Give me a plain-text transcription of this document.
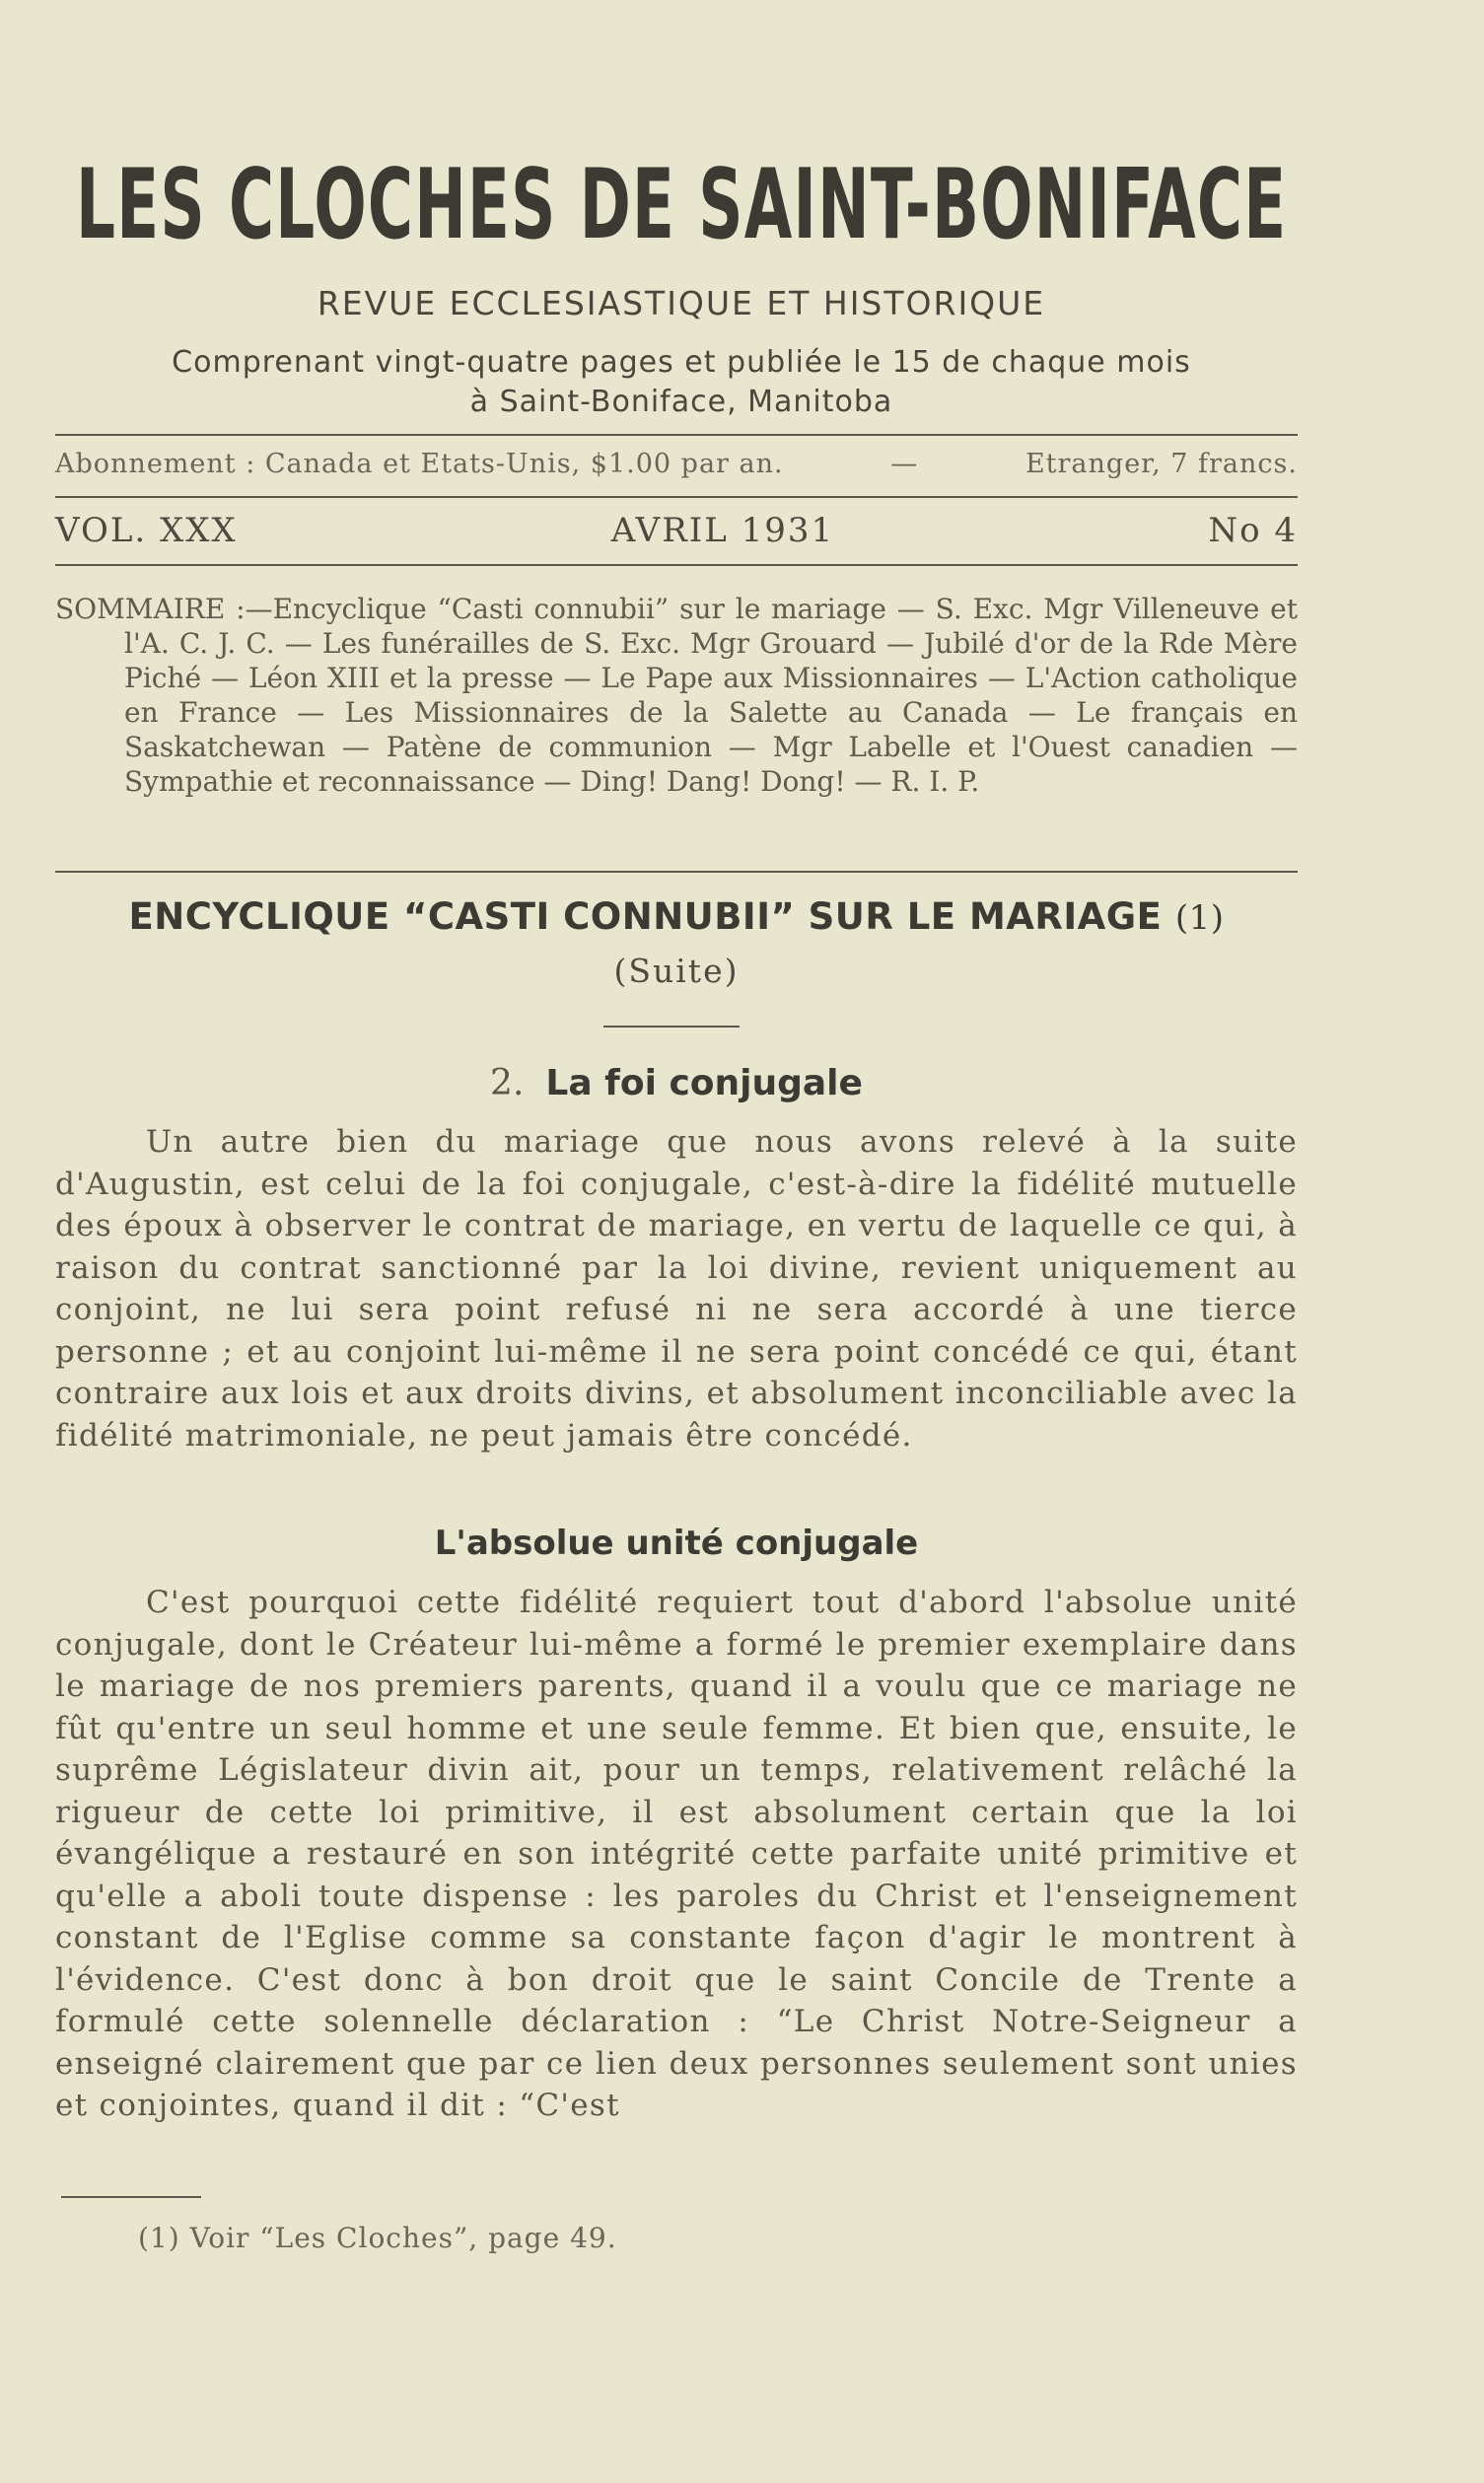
LES CLOCHES DE SAINT-BONIFACE
REVUE ECCLESIASTIQUE ET HISTORIQUE
Comprenant vingt-quatre pages et publiée le 15 de chaque mois
à Saint-Boniface, Manitoba
Abonnement : Canada et Etats-Unis, $1.00 par an.	—	Etranger, 7 francs.
VOL. XXX	AVRIL 1931	No 4
SOMMAIRE :—Encyclique “Casti connubii” sur le mariage — S. Exc. Mgr Villeneuve et l'A. C. J. C. — Les funérailles de S. Exc. Mgr Grouard — Jubilé d'or de la Rde Mère Piché — Léon XIII et la presse — Le Pape aux Missionnaires — L'Action catholique en France — Les Missionnaires de la Salette au Canada — Le français en Saskatchewan — Patène de communion — Mgr Labelle et l'Ouest canadien — Sympathie et reconnaissance — Ding! Dang! Dong! — R. I. P.
ENCYCLIQUE “CASTI CONNUBII” SUR LE MARIAGE (1)
(Suite)
2. La foi conjugale

Un autre bien du mariage que nous avons relevé à la suite d'Augustin, est celui de la foi conjugale, c'est-à-dire la fidélité mutuelle des époux à observer le contrat de mariage, en vertu de laquelle ce qui, à raison du contrat sanctionné par la loi divine, revient uniquement au conjoint, ne lui sera point refusé ni ne sera accordé à une tierce personne ; et au conjoint lui-même il ne sera point concédé ce qui, étant contraire aux lois et aux droits divins, et absolument inconciliable avec la fidélité matrimoniale, ne peut jamais être concédé.

L'absolue unité conjugale

C'est pourquoi cette fidélité requiert tout d'abord l'absolue unité conjugale, dont le Créateur lui-même a formé le premier exemplaire dans le mariage de nos premiers parents, quand il a voulu que ce mariage ne fût qu'entre un seul homme et une seule femme. Et bien que, ensuite, le suprême Législateur divin ait, pour un temps, relativement relâché la rigueur de cette loi primitive, il est absolument certain que la loi évangélique a restauré en son intégrité cette parfaite unité primitive et qu'elle a aboli toute dispense : les paroles du Christ et l'enseignement constant de l'Eglise comme sa constante façon d'agir le montrent à l'évidence. C'est donc à bon droit que le saint Concile de Trente a formulé cette solennelle déclaration : “Le Christ Notre-Seigneur a enseigné clairement que par ce lien deux personnes seulement sont unies et conjointes, quand il dit : “C'est

(1) Voir “Les Cloches”, page 49.
